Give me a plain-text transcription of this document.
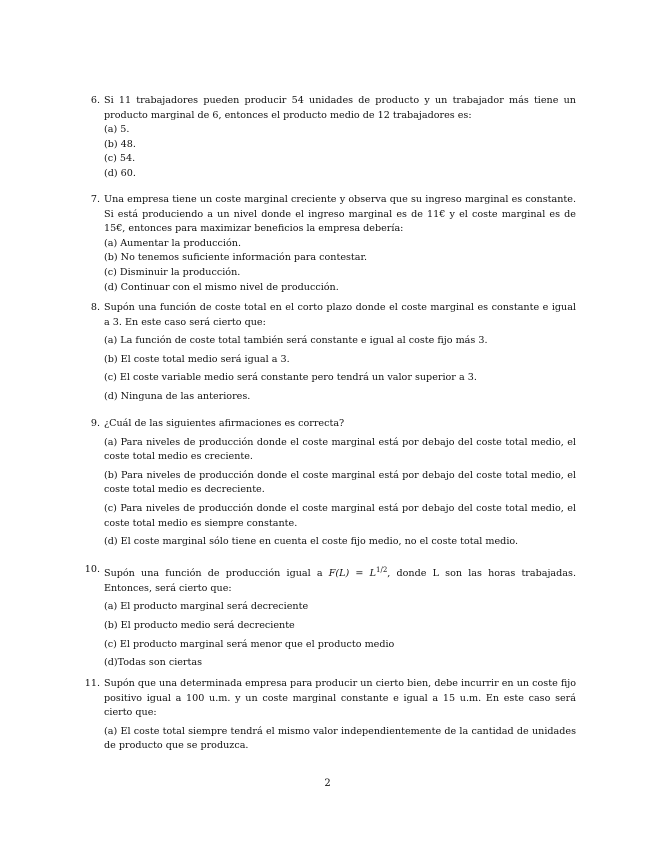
6. Si 11 trabajadores pueden producir 54 unidades de producto y un trabajador más tiene un producto marginal de 6, entonces el producto medio de 12 trabajadores es:
(a) 5.
(b) 48.
(c) 54.
(d) 60.
7. Una empresa tiene un coste marginal creciente y observa que su ingreso marginal es constante. Si está produciendo a un nivel donde el ingreso marginal es de 11€ y el coste marginal es de 15€, entonces para maximizar beneficios la empresa debería:
(a) Aumentar la producción.
(b) No tenemos suficiente información para contestar.
(c) Disminuir la producción.
(d) Continuar con el mismo nivel de producción.
8. Supón una función de coste total en el corto plazo donde el coste marginal es constante e igual a 3. En este caso será cierto que:
(a) La función de coste total también será constante e igual al coste fijo más 3.
(b) El coste total medio será igual a 3.
(c) El coste variable medio será constante pero tendrá un valor superior a 3.
(d) Ninguna de las anteriores.
9. ¿Cuál de las siguientes afirmaciones es correcta?
(a) Para niveles de producción donde el coste marginal está por debajo del coste total medio, el coste total medio es creciente.
(b) Para niveles de producción donde el coste marginal está por debajo del coste total medio, el coste total medio es decreciente.
(c) Para niveles de producción donde el coste marginal está por debajo del coste total medio, el coste total medio es siempre constante.
(d) El coste marginal sólo tiene en cuenta el coste fijo medio, no el coste total medio.
10. Supón una función de producción igual a $F(L) = L^{1/2}$, donde L son las horas trabajadas. Entonces, será cierto que:
(a) El producto marginal será decreciente
(b) El producto medio será decreciente
(c) El producto marginal será menor que el producto medio
(d)Todas son ciertas
11. Supón que una determinada empresa para producir un cierto bien, debe incurrir en un coste fijo positivo igual a 100 u.m. y un coste marginal constante e igual a 15 u.m. En este caso será cierto que:
(a) El coste total siempre tendrá el mismo valor independientemente de la cantidad de unidades de producto que se produzca.
2
